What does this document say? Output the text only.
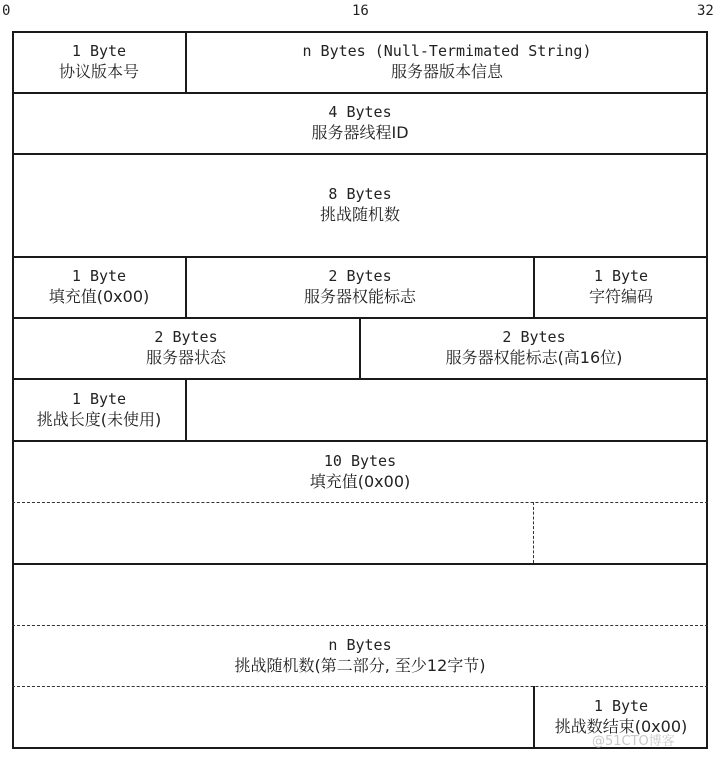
0	16	32
1 Byte
协议版本号
n Bytes (Null-Termimated String)
服务器版本信息
4 Bytes
服务器线程ID
8 Bytes
挑战随机数
1 Byte
填充值(0x00)
2 Bytes
服务器权能标志
1 Byte
字符编码
2 Bytes
服务器状态
2 Bytes
服务器权能标志(高16位)
1 Byte
挑战长度(未使用)
10 Bytes
填充值(0x00)
n Bytes
挑战随机数(第二部分, 至少12字节)
1 Byte
挑战数结束(0x00)
@51CTO博客
